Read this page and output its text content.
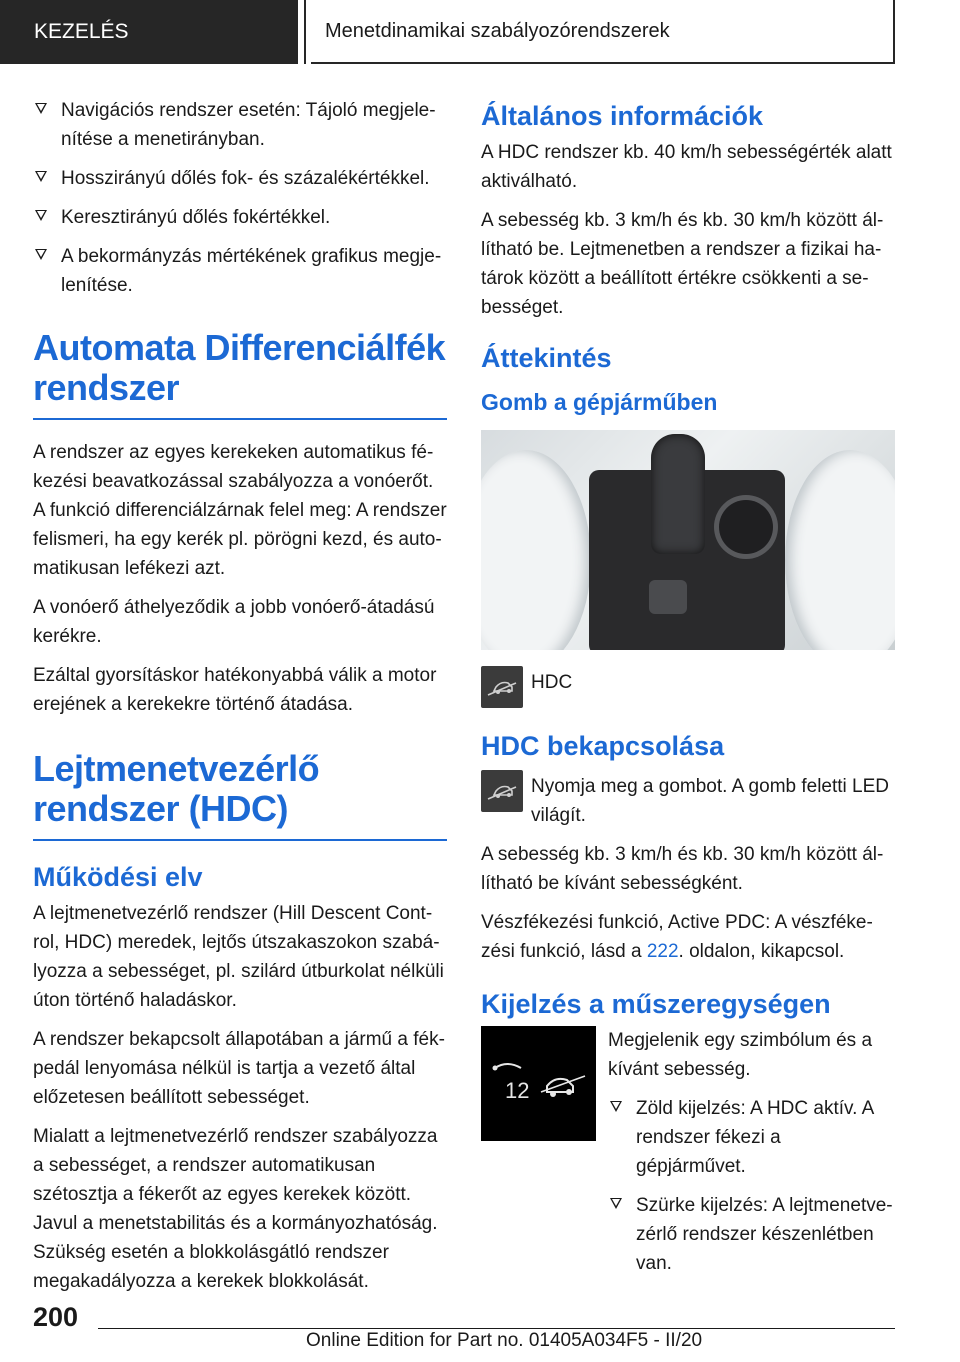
KEZELÉS	Menetdinamikai szabályozórendszerek
Navigációs rendszer esetén: Tájoló megjelenítése a menetirányban.
Hosszirányú dőlés fok- és százalékértékkel.
Keresztirányú dőlés fokértékkel.
A bekormányzás mértékének grafikus megjelenítése.
Automata Differenciálfék rendszer

A rendszer az egyes kerekeken automatikus fékezési beavatkozással szabályozza a vonóerőt. A funkció differenciálzárnak felel meg: A rendszer felismeri, ha egy kerék pl. pörögni kezd, és automatikusan lefékezi azt.

A vonóerő áthelyeződik a jobb vonóerő-átadású kerékre.

Ezáltal gyorsításkor hatékonyabbá válik a motor erejének a kerekekre történő átadása.

Lejtmenetvezérlő rendszer (HDC)
Működési elv

A lejtmenetvezérlő rendszer (Hill Descent Control, HDC) meredek, lejtős útszakaszokon szabályozza a sebességet, pl. szilárd útburkolat nélküli úton történő haladáskor.

A rendszer bekapcsolt állapotában a jármű a fékpedál lenyomása nélkül is tartja a vezető által előzetesen beállított sebességet.

Mialatt a lejtmenetvezérlő rendszer szabályozza a sebességet, a rendszer automatikusan szétosztja a fékerőt az egyes kerekek között. Javul a menetstabilitás és a kormányozhatóság. Szükség esetén a blokkolásgátló rendszer megakadályozza a kerekek blokkolását.

Általános információk

A HDC rendszer kb. 40 km/h sebességérték alatt aktiválható.

A sebesség kb. 3 km/h és kb. 30 km/h között állítható be. Lejtmenetben a rendszer a fizikai határok között a beállított értékre csökkenti a sebességet.

Áttekintés
Gomb a gépjárműben
HDC
HDC bekapcsolása
Nyomja meg a gombot. A gomb feletti LED világít.

A sebesség kb. 3 km/h és kb. 30 km/h között állítható be kívánt sebességként.

Vészfékezési funkció, Active PDC: A vészfékezési funkció, lásd a 222. oldalon, kikapcsol.

Kijelzés a műszeregységen
12

Megjelenik egy szimbólum és a kívánt sebesség.

Zöld kijelzés: A HDC aktív. A rendszer fékezi a gépjárművet.
Szürke kijelzés: A lejtmenetvezérlő rendszer készenlétben van.
200
Online Edition for Part no. 01405A034F5 - II/20
